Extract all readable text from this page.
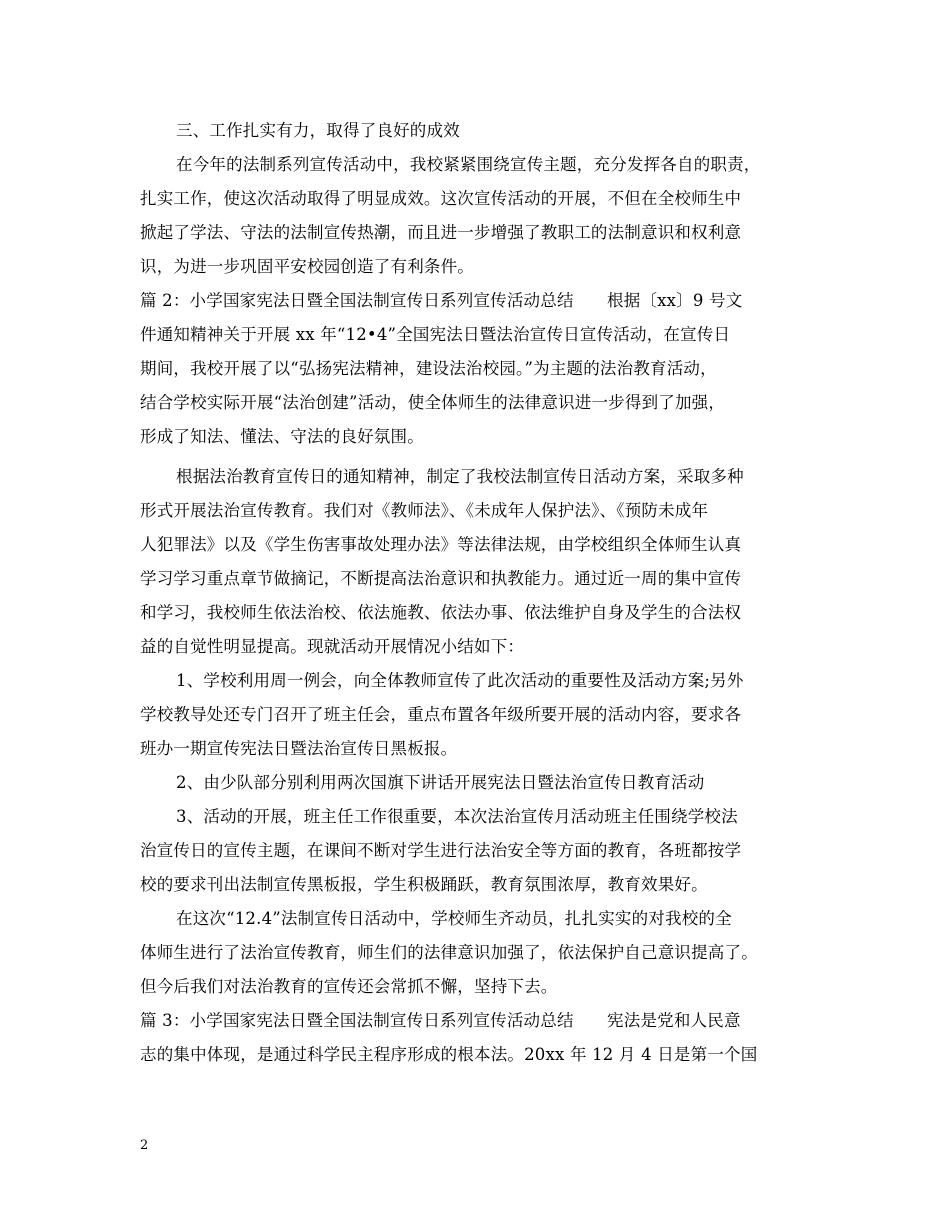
三、工作扎实有力，取得了良好的成效
在今年的法制系列宣传活动中，我校紧紧围绕宣传主题，充分发挥各自的职责，
扎实工作，使这次活动取得了明显成效。这次宣传活动的开展，不但在全校师生中
掀起了学法、守法的法制宣传热潮，而且进一步增强了教职工的法制意识和权利意
识，为进一步巩固平安校园创造了有利条件。
篇 2：小学国家宪法日暨全国法制宣传日系列宣传活动总结　　根据〔xx〕9 号文
件通知精神关于开展 xx 年“12•4”全国宪法日暨法治宣传日宣传活动，在宣传日
期间，我校开展了以“弘扬宪法精神，建设法治校园。”为主题的法治教育活动，
结合学校实际开展“法治创建”活动，使全体师生的法律意识进一步得到了加强，
形成了知法、懂法、守法的良好氛围。
根据法治教育宣传日的通知精神，制定了我校法制宣传日活动方案，采取多种
形式开展法治宣传教育。我们对《教师法》、《未成年人保护法》、《预防未成年
人犯罪法》以及《学生伤害事故处理办法》等法律法规，由学校组织全体师生认真
学习学习重点章节做摘记，不断提高法治意识和执教能力。通过近一周的集中宣传
和学习，我校师生依法治校、依法施教、依法办事、依法维护自身及学生的合法权
益的自觉性明显提高。现就活动开展情况小结如下：
1、学校利用周一例会，向全体教师宣传了此次活动的重要性及活动方案;另外
学校教导处还专门召开了班主任会，重点布置各年级所要开展的活动内容，要求各
班办一期宣传宪法日暨法治宣传日黑板报。
2、由少队部分别利用两次国旗下讲话开展宪法日暨法治宣传日教育活动
3、活动的开展，班主任工作很重要，本次法治宣传月活动班主任围绕学校法
治宣传日的宣传主题，在课间不断对学生进行法治安全等方面的教育，各班都按学
校的要求刊出法制宣传黑板报，学生积极踊跃，教育氛围浓厚，教育效果好。
在这次“12.4”法制宣传日活动中，学校师生齐动员，扎扎实实的对我校的全
体师生进行了法治宣传教育，师生们的法律意识加强了，依法保护自己意识提高了。
但今后我们对法治教育的宣传还会常抓不懈，坚持下去。
篇 3：小学国家宪法日暨全国法制宣传日系列宣传活动总结　　宪法是党和人民意
志的集中体现，是通过科学民主程序形成的根本法。20xx 年 12 月 4 日是第一个国
2
